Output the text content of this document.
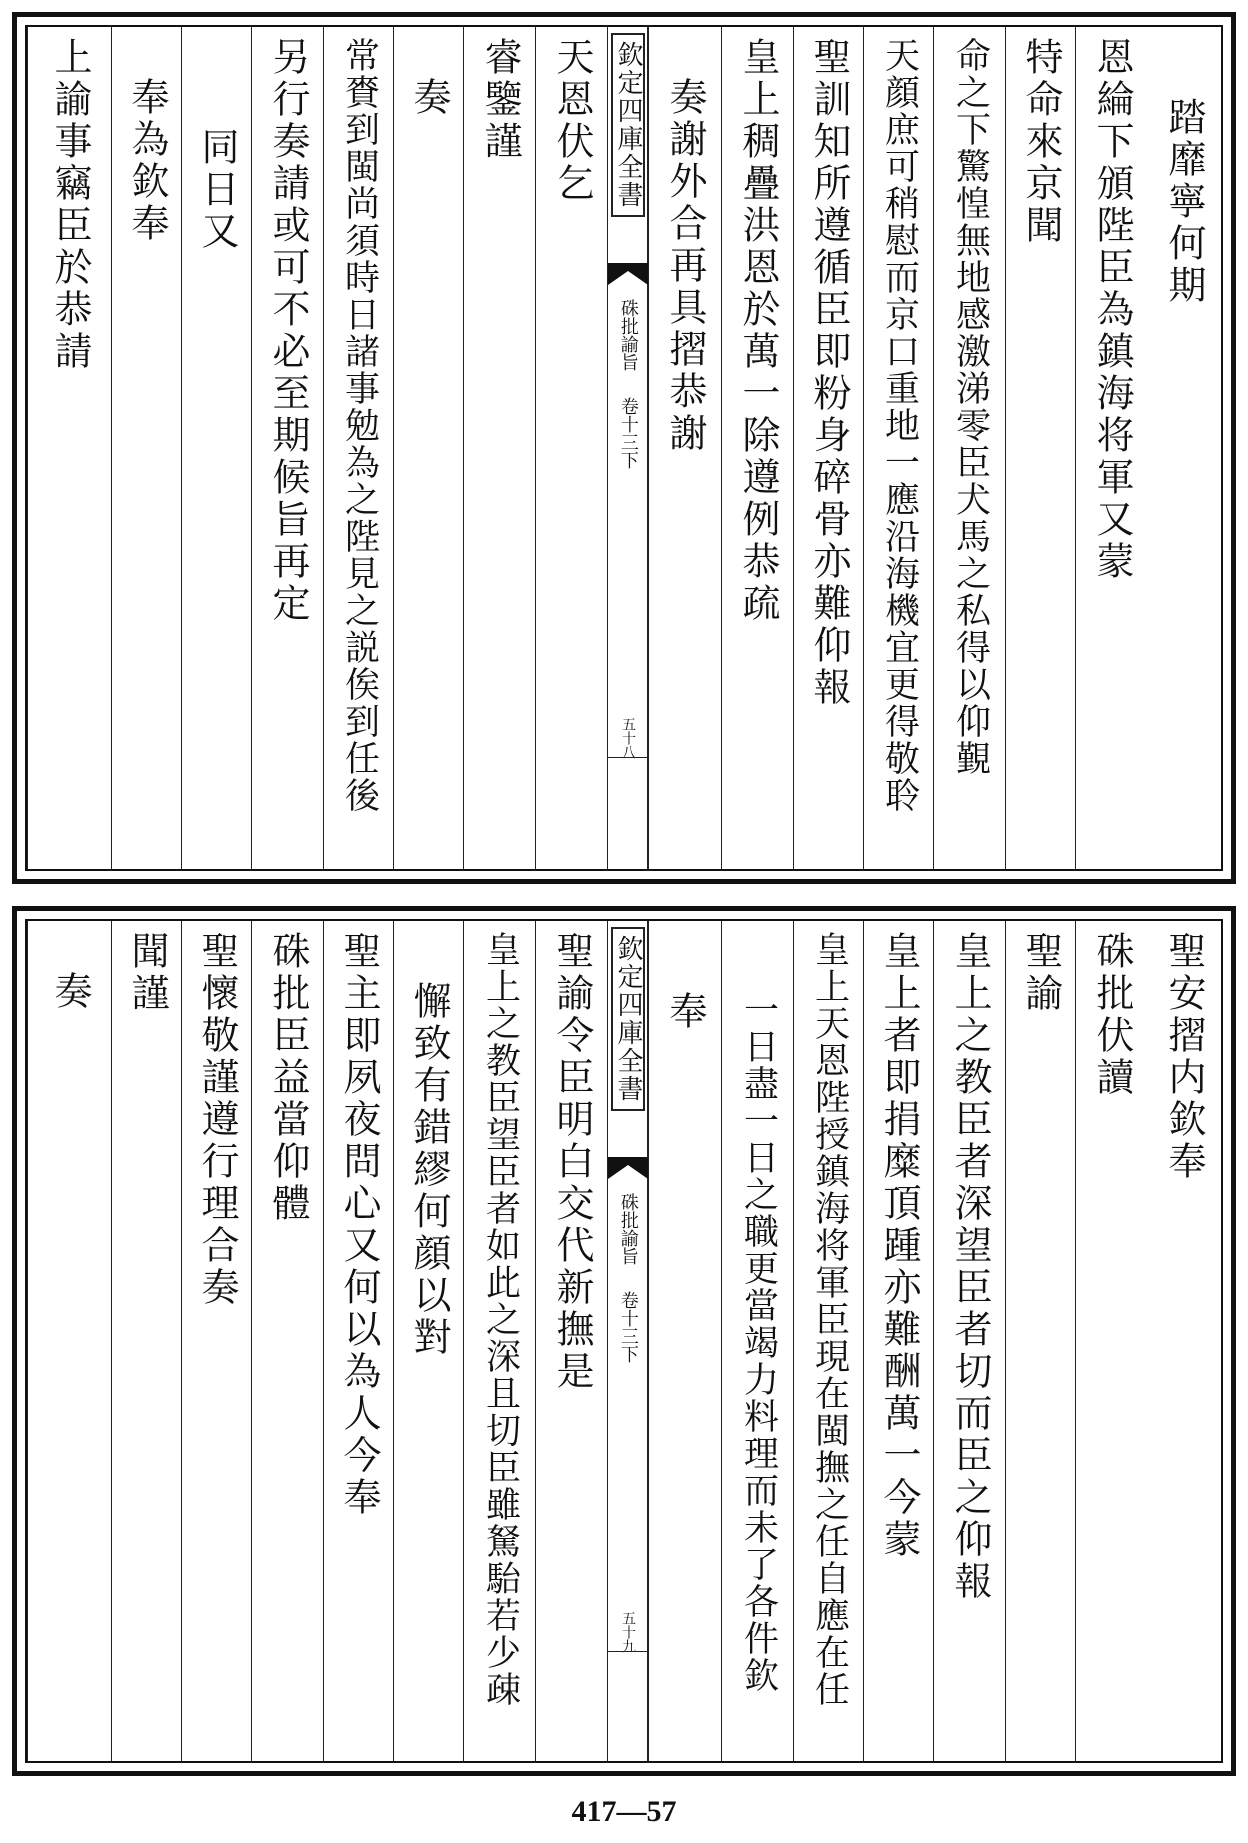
踏靡寧何期
恩綸下頒陛臣為鎮海将軍又蒙
特命來京聞
命之下驚惶無地感激涕零臣犬馬之私得以仰覲
天顔庶可稍慰而京口重地一應沿海機宜更得敬聆
聖訓知所遵循臣即粉身碎骨亦難仰報
皇上稠疊洪恩於萬一除遵例恭疏
奏謝外合再具摺恭謝
欽定四庫全書
硃批諭旨
卷十三下
五十八
天恩伏乞
睿鑒謹
奏
常賚到閩尚須時日諸事勉為之陛見之説俟到任後
另行奏請或可不必至期候旨再定
同日又
奉為欽奉
上諭事竊臣於恭請
聖安摺内欽奉
硃批伏讀
聖諭
皇上之教臣者深望臣者切而臣之仰報
皇上者即捐糜頂踵亦難酬萬一今蒙
皇上天恩陛授鎮海将軍臣現在閩撫之任自應在任
一日盡一日之職更當竭力料理而未了各件欽
奉
欽定四庫全書
硃批諭旨
卷十三下
五十九
聖諭令臣明白交代新撫是
皇上之教臣望臣者如此之深且切臣雖駑駘若少疎
懈致有錯繆何顔以對
聖主即夙夜問心又何以為人今奉
硃批臣益當仰體
聖懷敬謹遵行理合奏
聞謹
奏
417—57
